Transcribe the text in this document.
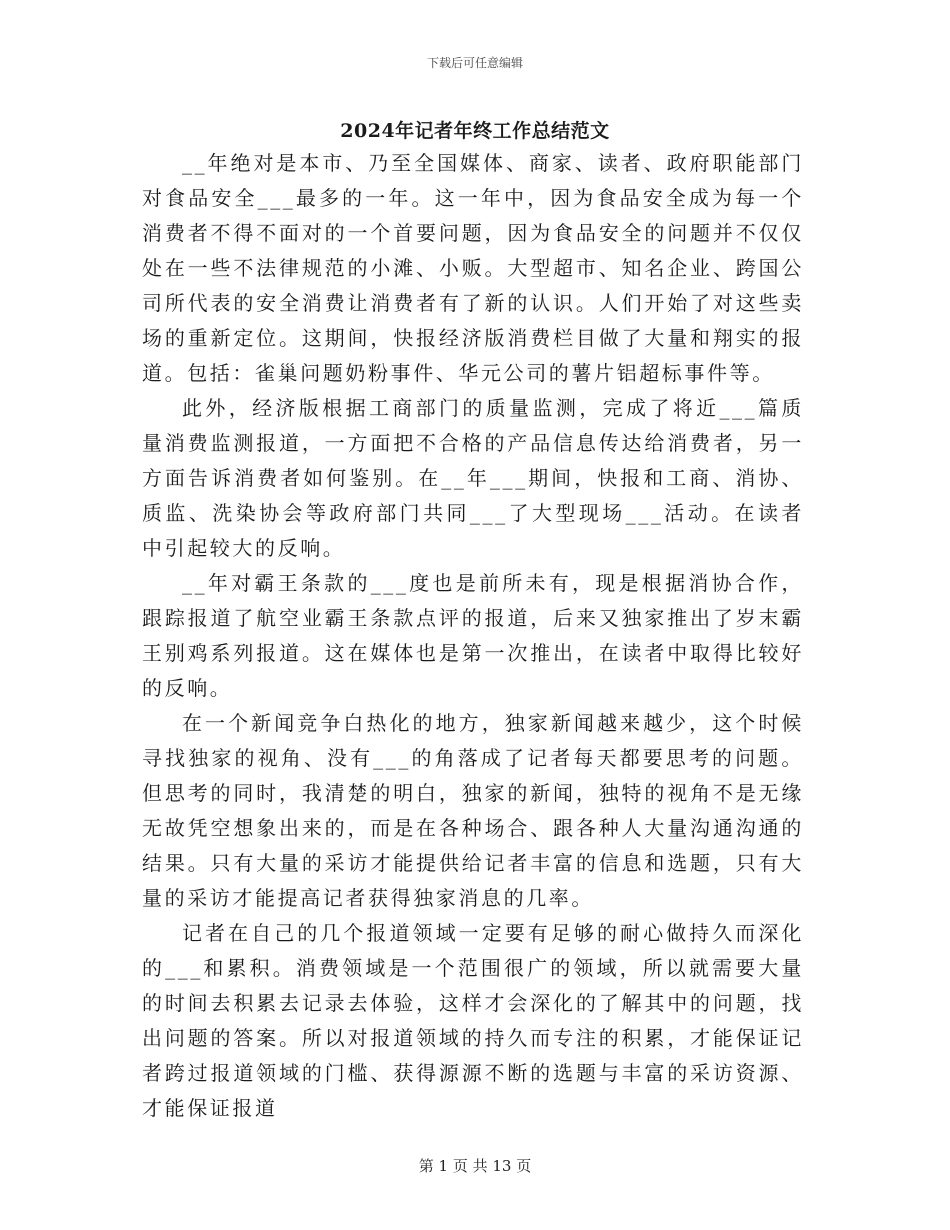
下载后可任意编辑
2024年记者年终工作总结范文

__年绝对是本市、乃至全国媒体、商家、读者、政府职能部门对食品安全___最多的一年。这一年中，因为食品安全成为每一个消费者不得不面对的一个首要问题，因为食品安全的问题并不仅仅处在一些不法律规范的小滩、小贩。大型超市、知名企业、跨国公司所代表的安全消费让消费者有了新的认识。人们开始了对这些卖场的重新定位。这期间，快报经济版消费栏目做了大量和翔实的报道。包括：雀巢问题奶粉事件、华元公司的薯片铝超标事件等。

此外，经济版根据工商部门的质量监测，完成了将近___篇质量消费监测报道，一方面把不合格的产品信息传达给消费者，另一方面告诉消费者如何鉴别。在__年___期间，快报和工商、消协、质监、洗染协会等政府部门共同___了大型现场___活动。在读者中引起较大的反响。

__年对霸王条款的___度也是前所未有，现是根据消协合作，跟踪报道了航空业霸王条款点评的报道，后来又独家推出了岁末霸王别鸡系列报道。这在媒体也是第一次推出，在读者中取得比较好的反响。

在一个新闻竞争白热化的地方，独家新闻越来越少，这个时候寻找独家的视角、没有___的角落成了记者每天都要思考的问题。但思考的同时，我清楚的明白，独家的新闻，独特的视角不是无缘无故凭空想象出来的，而是在各种场合、跟各种人大量沟通沟通的结果。只有大量的采访才能提供给记者丰富的信息和选题，只有大量的采访才能提高记者获得独家消息的几率。

记者在自己的几个报道领域一定要有足够的耐心做持久而深化的___和累积。消费领域是一个范围很广的领域，所以就需要大量的时间去积累去记录去体验，这样才会深化的了解其中的问题，找出问题的答案。所以对报道领域的持久而专注的积累，才能保证记者跨过报道领域的门槛、获得源源不断的选题与丰富的采访资源、才能保证报道

第 1 页 共 13 页
